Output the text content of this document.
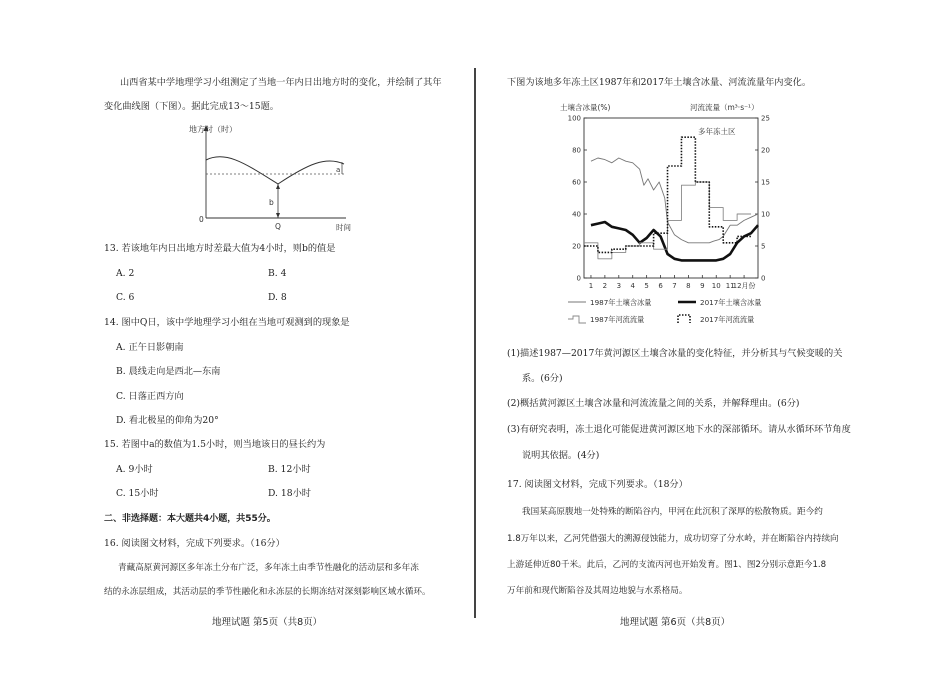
山西省某中学地理学习小组测定了当地一年内日出地方时的变化，并绘制了其年
变化曲线图（下图）。据此完成13～15题。
地方时（时）
时间
0
b
Q
a
13. 若该地年内日出地方时差最大值为4小时，则b的值是
A. 2	B. 4
C. 6	D. 8
14. 图中Q日，该中学地理学习小组在当地可观测到的现象是
A. 正午日影朝南
B. 晨线走向是西北—东南
C. 日落正西方向
D. 看北极星的仰角为20°
15. 若图中a的数值为1.5小时，则当地该日的昼长约为
A. 9小时	B. 12小时
C. 15小时	D. 18小时
二、非选择题：本大题共4小题，共55分。
16. 阅读图文材料，完成下列要求。（16分）
青藏高原黄河源区多年冻土分布广泛，多年冻土由季节性融化的活动层和多年冻
结的永冻层组成，其活动层的季节性融化和永冻层的长期冻结对深刻影响区域水循环。
地理试题 第5页（共8页）
下图为该地多年冻土区1987年和2017年土壤含冰量、河流流量年内变化。
土壤含冰量(%)	河流流量（m³·s⁻¹）
多年冻土区
0
20
40
60
80
100
0
5
10
15
20
25
1 2 3 4 5 6 7 8 9 10 11
12月份
1987年土壤含冰量	2017年土壤含冰量
1987年河流流量	2017年河流流量
(1)描述1987—2017年黄河源区土壤含冰量的变化特征，并分析其与气候变暖的关
系。(6分)
(2)概括黄河源区土壤含冰量和河流流量之间的关系，并解释理由。(6分)
(3)有研究表明，冻土退化可能促进黄河源区地下水的深部循环。请从水循环环节角度
说明其依据。(4分)
17. 阅读图文材料，完成下列要求。（18分）
我国某高原腹地一处特殊的断陷谷内，甲河在此沉积了深厚的松散物质。距今约
1.8万年以来，乙河凭借强大的溯源侵蚀能力，成功切穿了分水岭，并在断陷谷内持续向
上游延伸近80千米。此后，乙河的支流丙河也开始发育。图1、图2分别示意距今1.8
万年前和现代断陷谷及其周边地貌与水系格局。
地理试题 第6页（共8页）
